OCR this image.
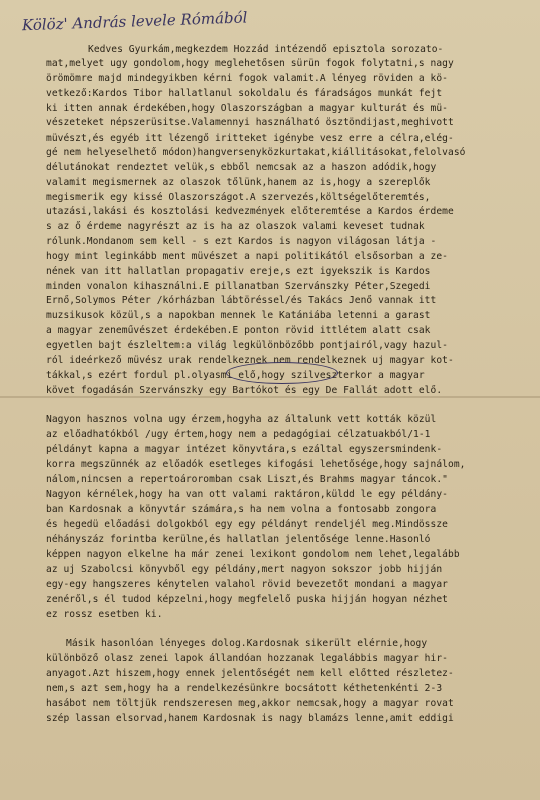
Kölöz' András levele Rómából
Kedves Gyurkám,megkezdem Hozzád intézendő episztola sorozato-
mat,melyet ugy gondolom,hogy meglehetősen sürün fogok folytatni,s nagy
örömömre majd mindegyikben kérni fogok valamit.A lényeg röviden a kö-
vetkező:Kardos Tibor hallatlanul sokoldalu és fáradságos munkát fejt
ki itten annak érdekében,hogy Olaszországban a magyar kulturát és mü-
vészeteket népszerüsitse.Valamennyi használható ösztöndijast,meghivott
müvészt,és egyéb itt lézengő iritteket igénybe vesz erre a célra,elég-
gé nem helyeselhető módon)hangversenyközkurtakat,kiállitásokat,felolvasó
délutánokat rendeztet velük,s ebből nemcsak az a haszon adódik,hogy
valamit megismernek az olaszok tőlünk,hanem az is,hogy a szereplők
megismerik egy kissé Olaszországot.A szervezés,költségelőteremtés,
utazási,lakási és kosztolási kedvezmények előteremtése a Kardos érdeme
s az ő érdeme nagyrészt az is ha az olaszok valami keveset tudnak
rólunk.Mondanom sem kell - s ezt Kardos is nagyon világosan látja -
hogy mint leginkább ment müvészet a napi politikától elsősorban a ze-
nének van itt hallatlan propagativ ereje,s ezt igyekszik is Kardos
minden vonalon kihasználni.E pillanatban Szervánszky Péter,Szegedi
Ernő,Solymos Péter /kórházban lábtöréssel/és Takács Jenő vannak itt
muzsikusok közül,s a napokban mennek le Katániába letenni a garast
a magyar zeneművészet érdekében.E ponton rövid ittlétem alatt csak
egyetlen bajt észleltem:a világ legkülönbözőbb pontjairól,vagy hazul-
ról ideérkező müvész urak rendelkeznek nem rendelkeznek uj magyar kot-
tákkal,s ezért fordul pl.olyasmi elő,hogy szilveszterkor a magyar
követ fogadásán Szervánszky egy Bartókot és egy De Fallát adott elő.
Nagyon hasznos volna ugy érzem,hogyha az általunk vett kották közül
az előadhatókból /ugy értem,hogy nem a pedagógiai célzatuakból/1-1
példányt kapna a magyar intézet könyvtára,s ezáltal egyszersmindenk-
korra megszünnék az előadók esetleges kifogási lehetősége,hogy sajnálom,
nálom,nincsen a repertoároromban csak Liszt,és Brahms magyar táncok."
Nagyon kérnélek,hogy ha van ott valami raktáron,küldd le egy példány-
ban Kardosnak a könyvtár számára,s ha nem volna a fontosabb zongora
és hegedü előadási dolgokból egy egy példányt rendeljél meg.Mindössze
néhányszáz forintba kerülne,és hallatlan jelentősége lenne.Hasonló
képpen nagyon elkelne ha már zenei lexikont gondolom nem lehet,legalább
az uj Szabolcsi könyvből egy példány,mert nagyon sokszor jobb hijján
egy-egy hangszeres kénytelen valahol rövid bevezetőt mondani a magyar
zenéről,s él tudod képzelni,hogy megfelelő puska hijján hogyan nézhet
ez rossz esetben ki.
Másik hasonlóan lényeges dolog.Kardosnak sikerült elérnie,hogy
különböző olasz zenei lapok állandóan hozzanak legalábbis magyar hir-
anyagot.Azt hiszem,hogy ennek jelentőségét nem kell előtted részletez-
nem,s azt sem,hogy ha a rendelkezésünkre bocsátott kéthetenkénti 2-3
hasábot nem töltjük rendszeresen meg,akkor nemcsak,hogy a magyar rovat
szép lassan elsorvad,hanem Kardosnak is nagy blamázs lenne,amit eddigi
